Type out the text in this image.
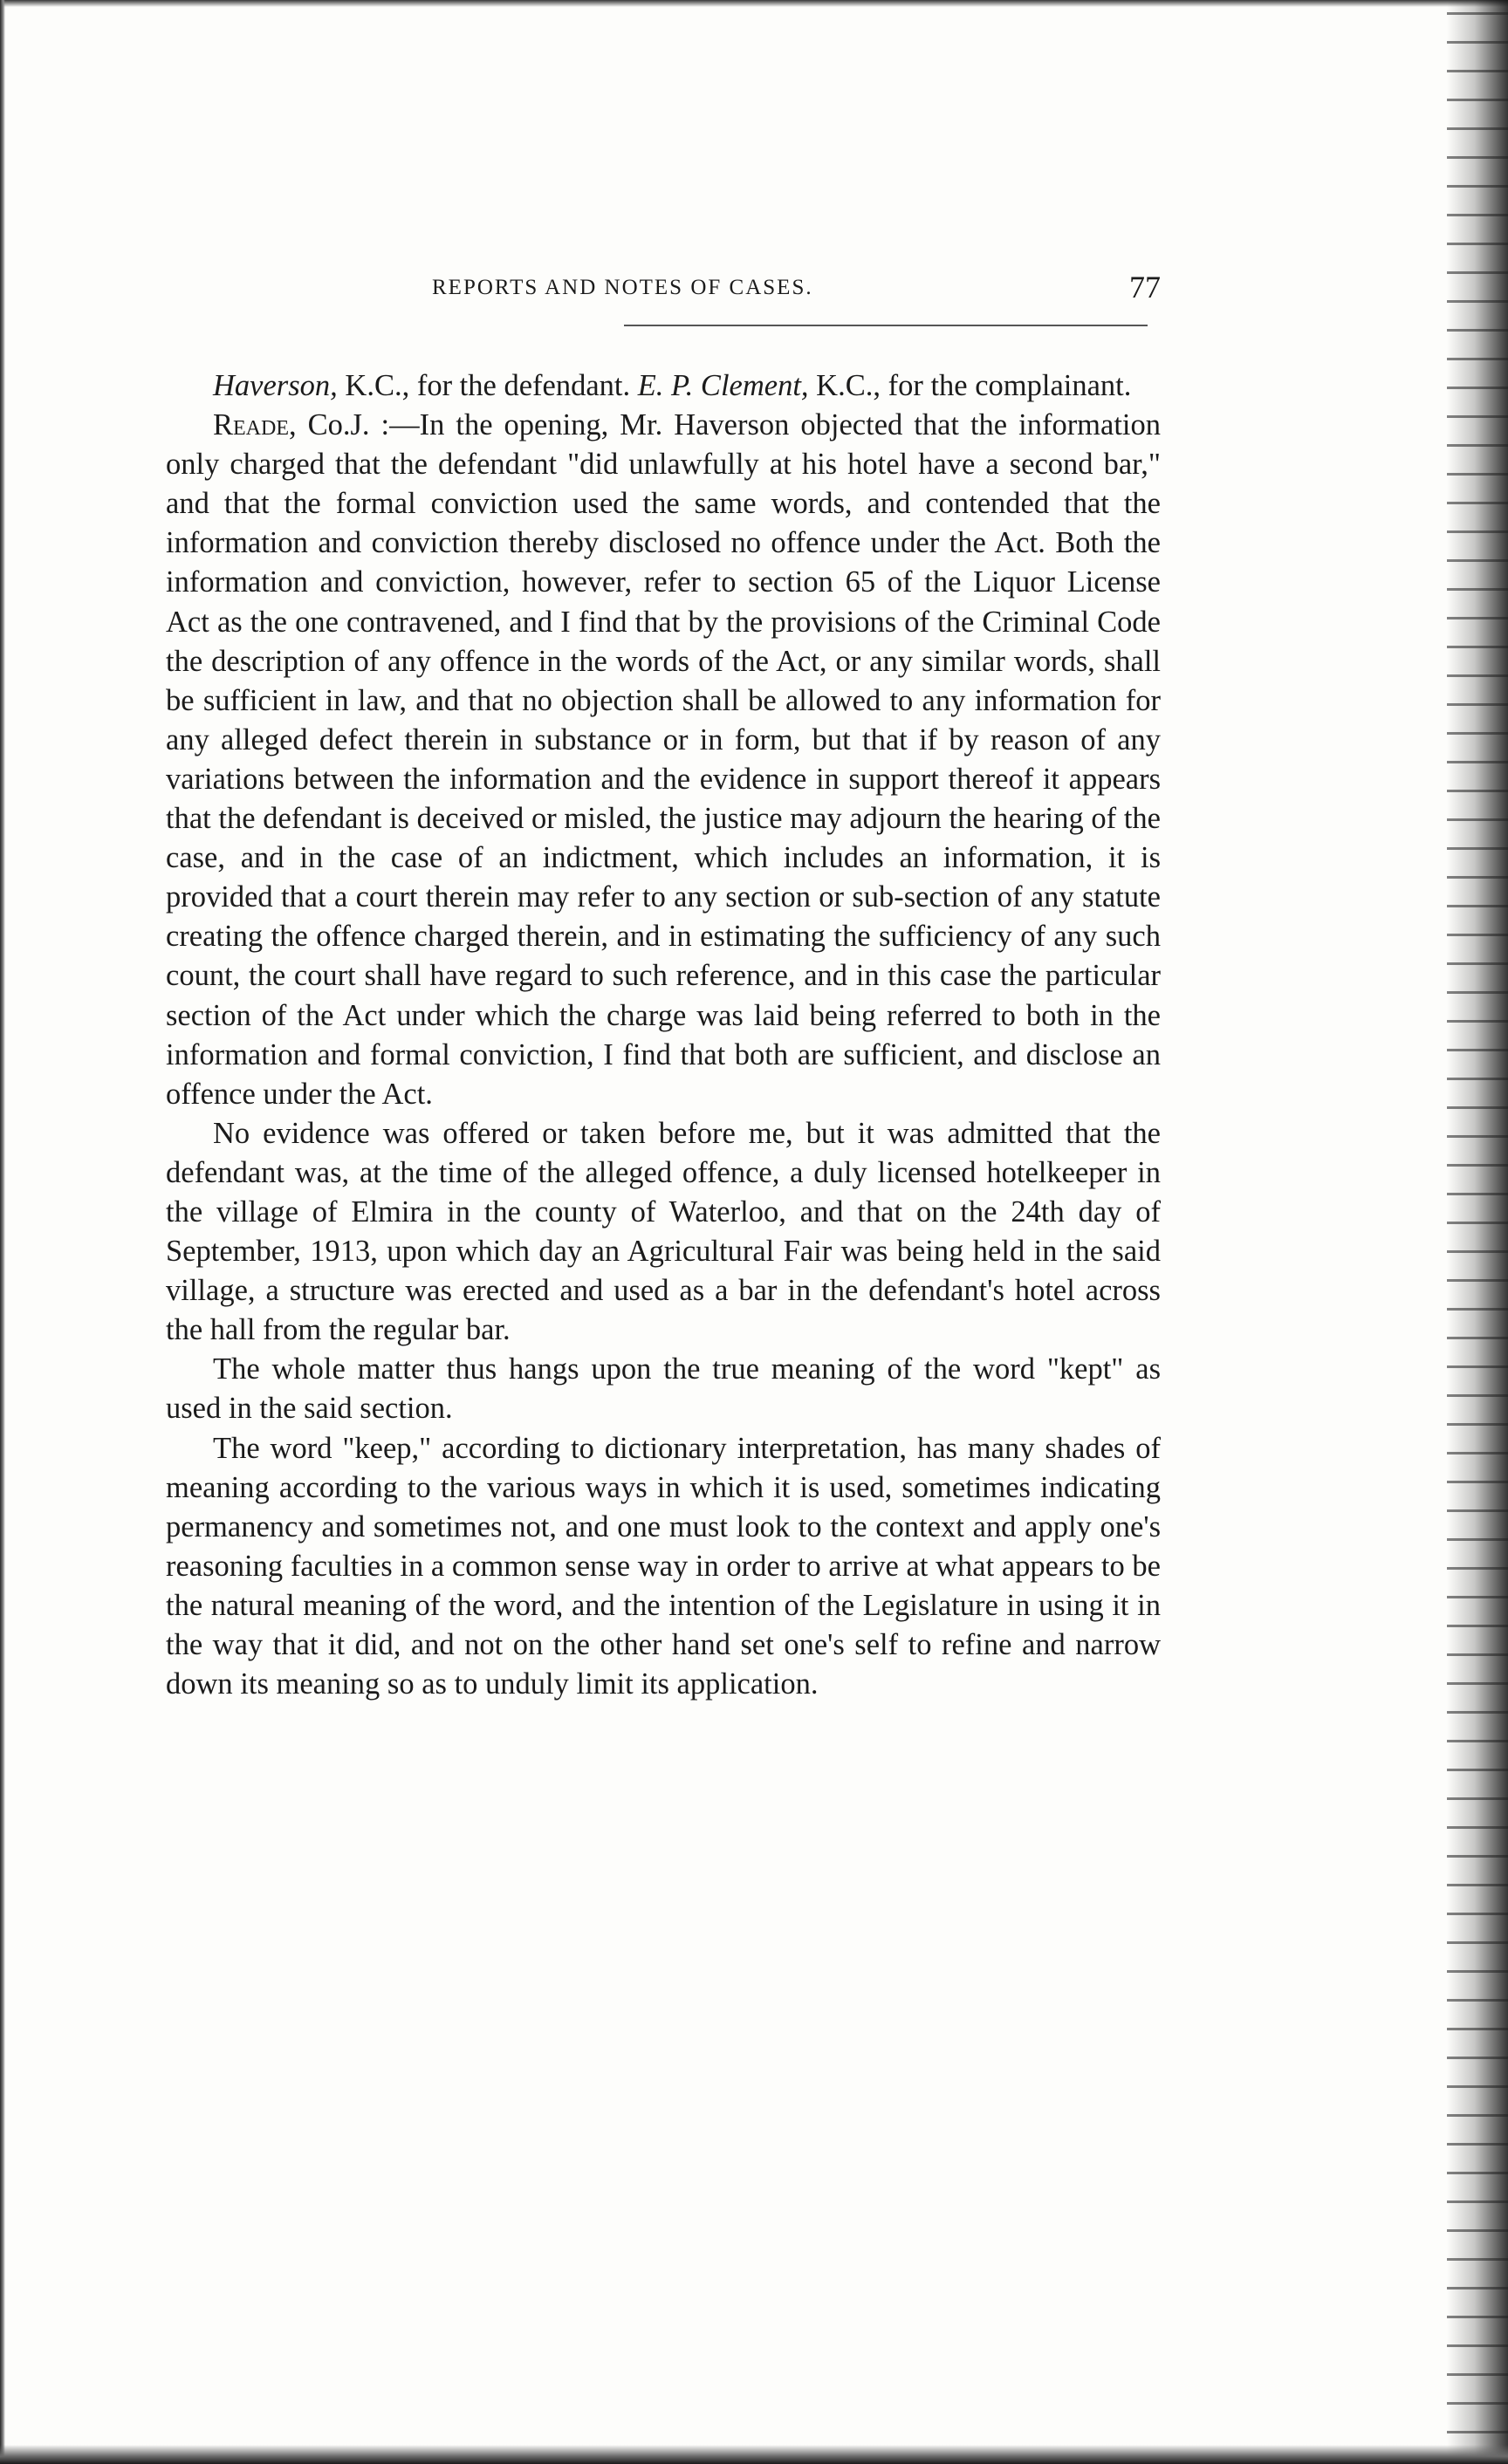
REPORTS AND NOTES OF CASES.	77

Haverson, K.C., for the defendant. E. P. Clement, K.C., for the complainant.

Reade, Co.J. :—In the opening, Mr. Haverson objected that the information only charged that the defendant "did unlawfully at his hotel have a second bar," and that the formal conviction used the same words, and contended that the information and conviction thereby disclosed no offence under the Act. Both the information and conviction, however, refer to section 65 of the Liquor License Act as the one contravened, and I find that by the provisions of the Criminal Code the description of any offence in the words of the Act, or any similar words, shall be sufficient in law, and that no objection shall be allowed to any information for any alleged defect therein in substance or in form, but that if by reason of any variations between the information and the evidence in support thereof it appears that the defendant is deceived or misled, the justice may adjourn the hearing of the case, and in the case of an indictment, which includes an information, it is provided that a court therein may refer to any section or sub-section of any statute creating the offence charged therein, and in estimating the sufficiency of any such count, the court shall have regard to such reference, and in this case the particular section of the Act under which the charge was laid being referred to both in the information and formal conviction, I find that both are sufficient, and disclose an offence under the Act.

No evidence was offered or taken before me, but it was admitted that the defendant was, at the time of the alleged offence, a duly licensed hotelkeeper in the village of Elmira in the county of Waterloo, and that on the 24th day of September, 1913, upon which day an Agricultural Fair was being held in the said village, a structure was erected and used as a bar in the defendant's hotel across the hall from the regular bar.

The whole matter thus hangs upon the true meaning of the word "kept" as used in the said section.

The word "keep," according to dictionary interpretation, has many shades of meaning according to the various ways in which it is used, sometimes indicating permanency and sometimes not, and one must look to the context and apply one's reasoning faculties in a common sense way in order to arrive at what appears to be the natural meaning of the word, and the intention of the Legislature in using it in the way that it did, and not on the other hand set one's self to refine and narrow down its meaning so as to unduly limit its application.
